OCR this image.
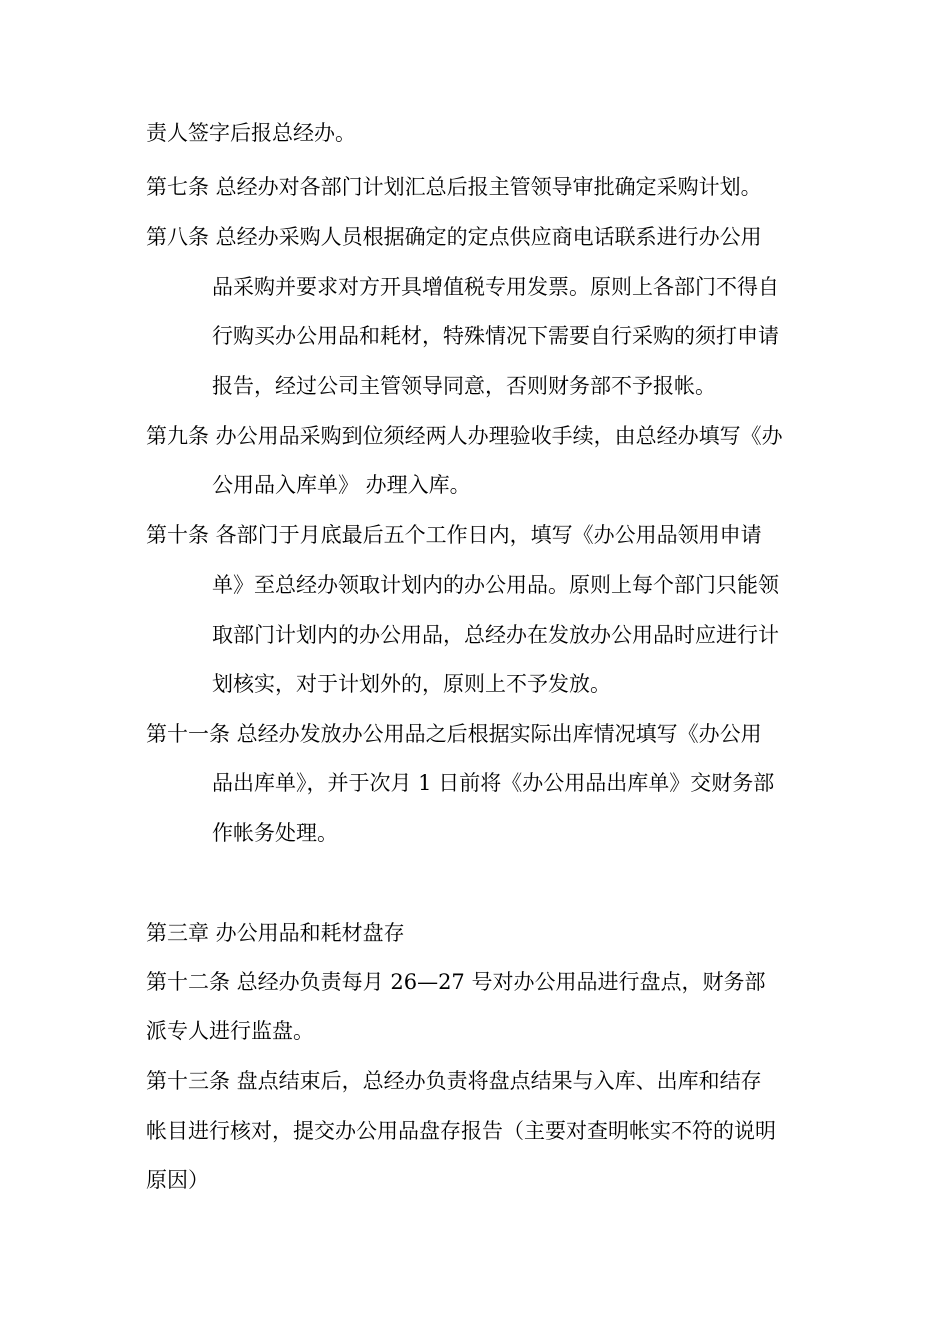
责人签字后报总经办。
第七条 总经办对各部门计划汇总后报主管领导审批确定采购计划。
第八条 总经办采购人员根据确定的定点供应商电话联系进行办公用
品采购并要求对方开具增值税专用发票。原则上各部门不得自
行购买办公用品和耗材，特殊情况下需要自行采购的须打申请
报告，经过公司主管领导同意，否则财务部不予报帐。
第九条 办公用品采购到位须经两人办理验收手续，由总经办填写《办
公用品入库单》 办理入库。
第十条 各部门于月底最后五个工作日内，填写《办公用品领用申请
单》至总经办领取计划内的办公用品。原则上每个部门只能领
取部门计划内的办公用品，总经办在发放办公用品时应进行计
划核实，对于计划外的，原则上不予发放。
第十一条 总经办发放办公用品之后根据实际出库情况填写《办公用
品出库单》，并于次月 1 日前将《办公用品出库单》交财务部
作帐务处理。
第三章 办公用品和耗材盘存
第十二条 总经办负责每月 26—27 号对办公用品进行盘点，财务部
派专人进行监盘。
第十三条 盘点结束后，总经办负责将盘点结果与入库、出库和结存
帐目进行核对，提交办公用品盘存报告（主要对查明帐实不符的说明
原因）
